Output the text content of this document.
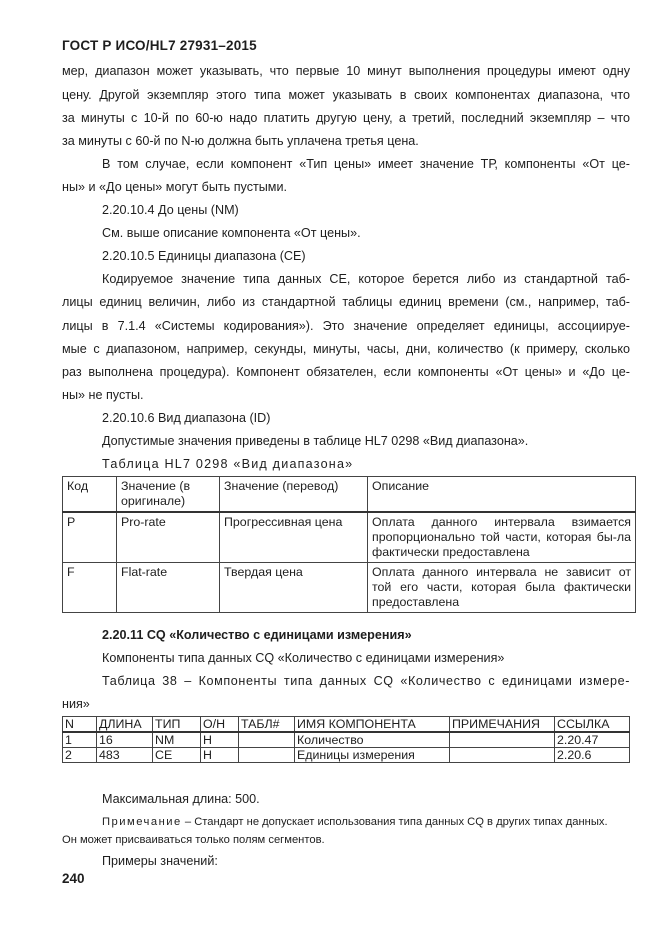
ГОСТ Р ИСО/HL7 27931–2015
мер, диапазон может указывать, что первые 10 минут выполнения процедуры имеют одну
цену. Другой экземпляр этого типа может указывать в своих компонентах диапазона, что
за минуты с 10-й по 60-ю надо платить другую цену, а третий, последний экземпляр – что
за минуты с 60-й по N-ю должна быть уплачена третья цена.
В том случае, если компонент «Тип цены» имеет значение ТР, компоненты «От це-
ны» и «До цены» могут быть пустыми.
2.20.10.4 До цены (NM)
См. выше описание компонента «От цены».
2.20.10.5 Единицы диапазона (CE)
Кодируемое значение типа данных СЕ, которое берется либо из стандартной таб-
лицы единиц величин, либо из стандартной таблицы единиц времени (см., например, таб-
лицы в 7.1.4 «Системы кодирования»). Это значение определяет единицы, ассоциируе-
мые с диапазоном, например, секунды, минуты, часы, дни, количество (к примеру, сколько
раз выполнена процедура). Компонент обязателен, если компоненты «От цены» и «До це-
ны» не пусты.
2.20.10.6 Вид диапазона (ID)
Допустимые значения приведены в таблице HL7 0298 «Вид диапазона».
Таблица HL7 0298 «Вид диапазона»
Код	Значение (в оригинале)	Значение (перевод)	Описание
P	Pro-rate	Прогрессивная цена	Оплата данного интервала взимается пропорционально той части, которая бы-ла фактически предоставлена
F	Flat-rate	Твердая цена	Оплата данного интервала не зависит от той его части, которая была фактически предоставлена
2.20.11 CQ «Количество с единицами измерения»
Компоненты типа данных CQ «Количество с единицами измерения»
Таблица 38 – Компоненты типа данных CQ «Количество с единицами измере-
ния»
N	ДЛИНА	ТИП	О/Н	ТАБЛ#	ИМЯ КОМПОНЕНТА	ПРИМЕЧАНИЯ	ССЫЛКА
1	16	NM	Н		Количество		2.20.47
2	483	CE	Н		Единицы измерения		2.20.6
Максимальная длина: 500.
Примечание – Стандарт не допускает использования типа данных CQ в других типах данных.
Он может присваиваться только полям сегментов.
Примеры значений:
240
